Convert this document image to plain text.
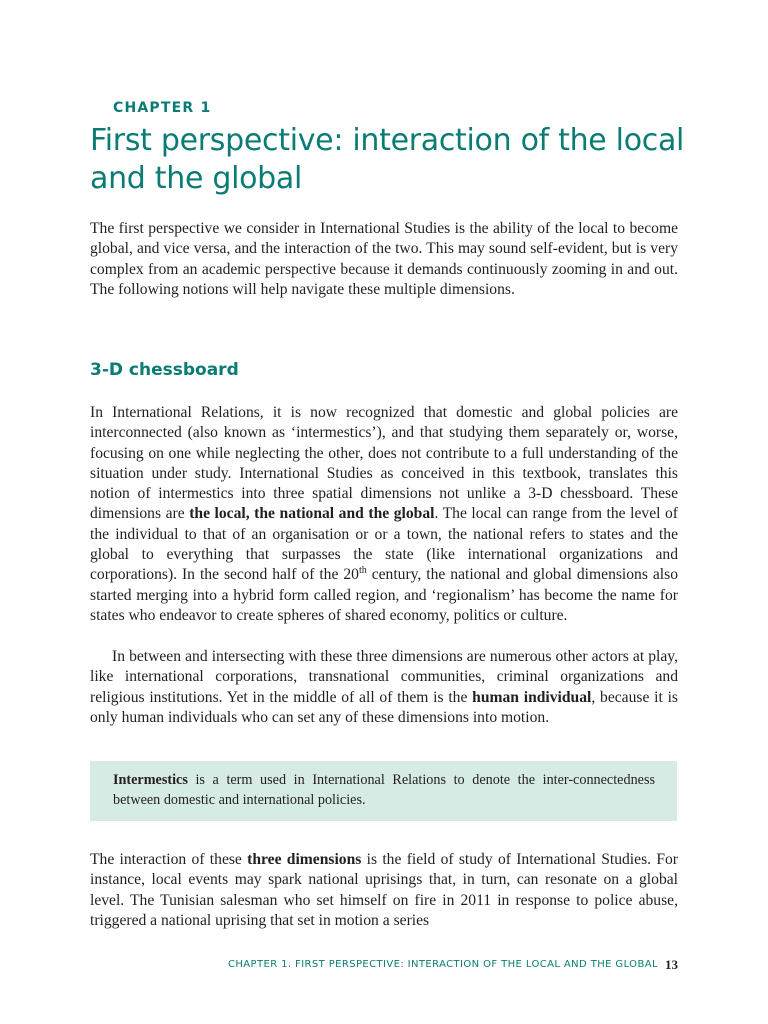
CHAPTER 1

First perspective: interaction of the local and the global

The first perspective we consider in International Studies is the ability of the local to become global, and vice versa, and the interaction of the two. This may sound self-evident, but is very complex from an academic perspective because it demands continuously zooming in and out. The following notions will help navigate these multiple dimensions.

3-D chessboard

In International Relations, it is now recognized that domestic and global policies are interconnected (also known as ‘intermestics’), and that studying them separately or, worse, focusing on one while neglecting the other, does not contribute to a full understanding of the situation under study. International Studies as conceived in this textbook, translates this notion of intermestics into three spatial dimensions not unlike a 3-D chessboard. These dimensions are the local, the national and the global. The local can range from the level of the individual to that of an organisation or or a town, the national refers to states and the global to everything that surpasses the state (like international organizations and corporations). In the second half of the 20th century, the national and global dimensions also started merging into a hybrid form called region, and ‘regionalism’ has become the name for states who endeavor to create spheres of shared economy, politics or culture.

In between and intersecting with these three dimensions are numerous other actors at play, like international corporations, transnational communities, criminal organizations and religious institutions. Yet in the middle of all of them is the human individual, because it is only human individuals who can set any of these dimensions into motion.

Intermestics is a term used in International Relations to denote the inter-connectedness between domestic and international policies.

The interaction of these three dimensions is the field of study of International Studies. For instance, local events may spark national uprisings that, in turn, can resonate on a global level. The Tunisian salesman who set himself on fire in 2011 in response to police abuse, triggered a national uprising that set in motion a series

CHAPTER 1. FIRST PERSPECTIVE: INTERACTION OF THE LOCAL AND THE GLOBAL 13
